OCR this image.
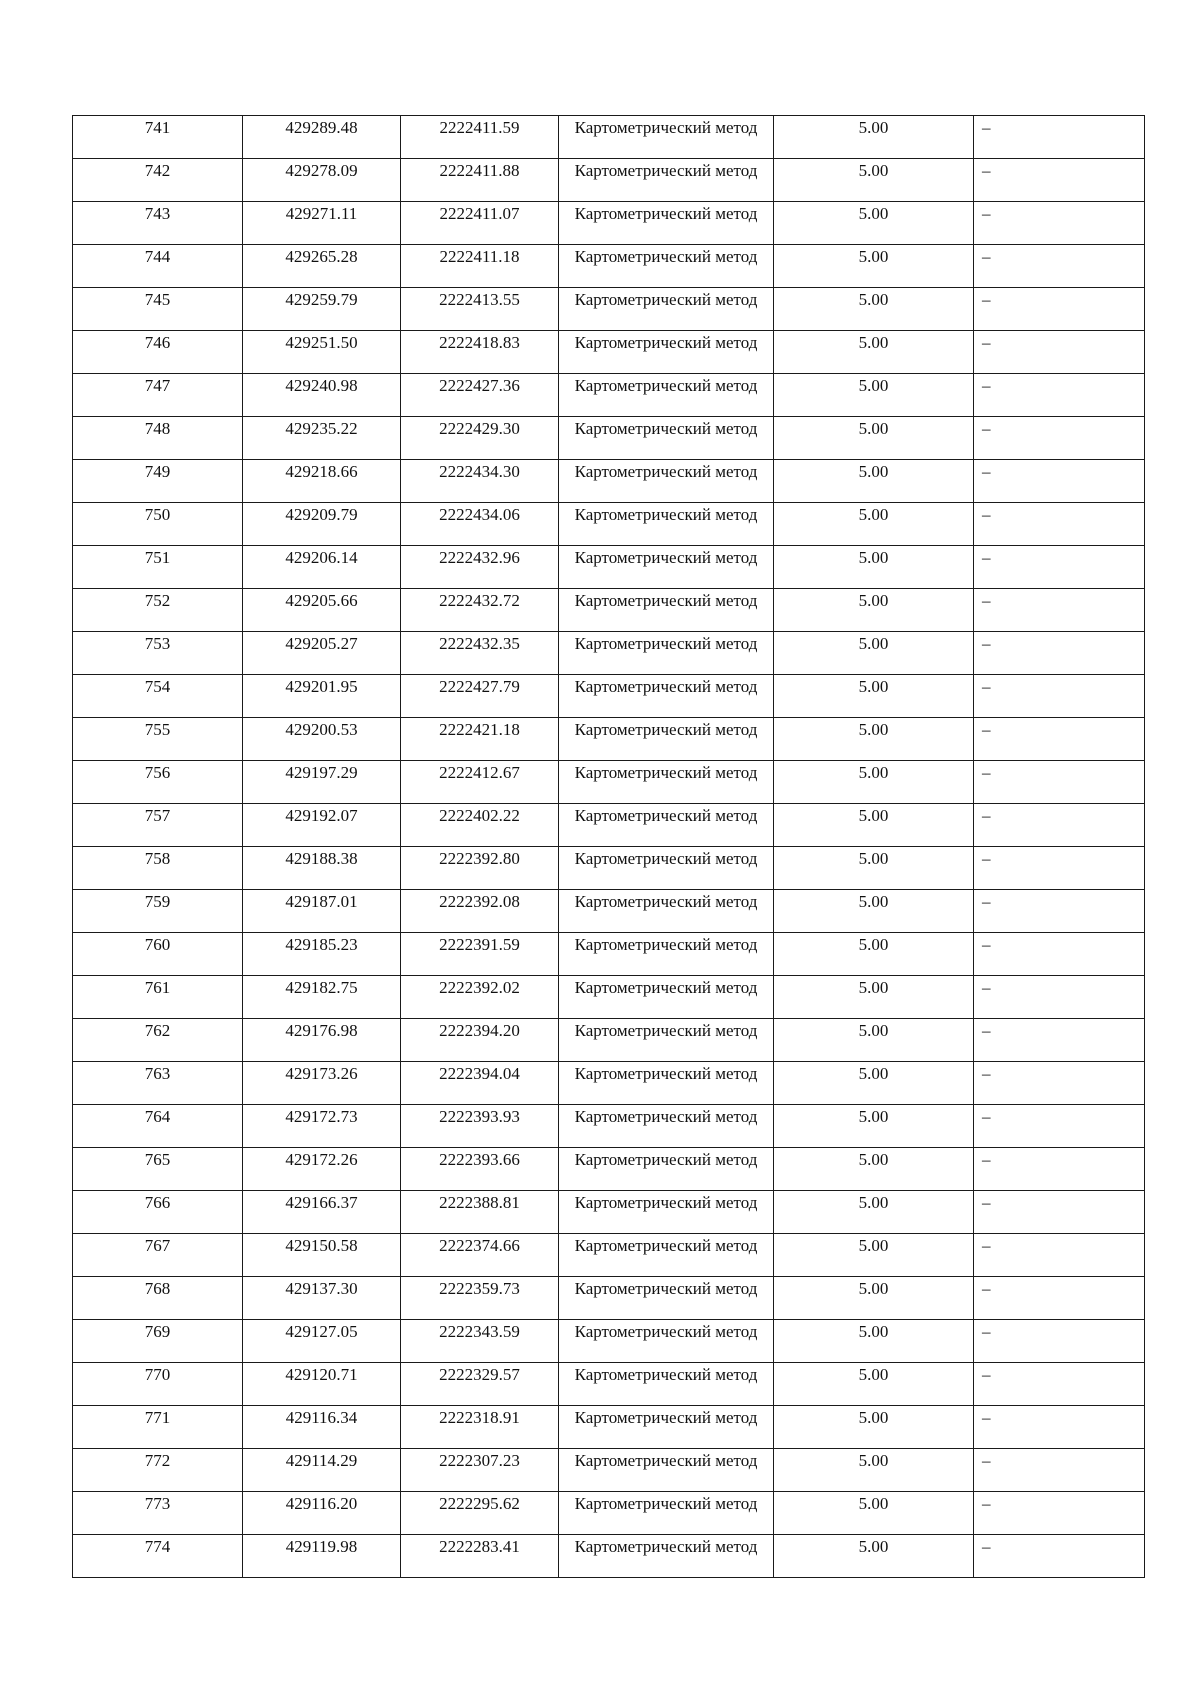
741	429289.48	2222411.59	Картометрический метод	5.00	–

742	429278.09	2222411.88	Картометрический метод	5.00	–

743	429271.11	2222411.07	Картометрический метод	5.00	–

744	429265.28	2222411.18	Картометрический метод	5.00	–

745	429259.79	2222413.55	Картометрический метод	5.00	–

746	429251.50	2222418.83	Картометрический метод	5.00	–

747	429240.98	2222427.36	Картометрический метод	5.00	–

748	429235.22	2222429.30	Картометрический метод	5.00	–

749	429218.66	2222434.30	Картометрический метод	5.00	–

750	429209.79	2222434.06	Картометрический метод	5.00	–

751	429206.14	2222432.96	Картометрический метод	5.00	–

752	429205.66	2222432.72	Картометрический метод	5.00	–

753	429205.27	2222432.35	Картометрический метод	5.00	–

754	429201.95	2222427.79	Картометрический метод	5.00	–

755	429200.53	2222421.18	Картометрический метод	5.00	–

756	429197.29	2222412.67	Картометрический метод	5.00	–

757	429192.07	2222402.22	Картометрический метод	5.00	–

758	429188.38	2222392.80	Картометрический метод	5.00	–

759	429187.01	2222392.08	Картометрический метод	5.00	–

760	429185.23	2222391.59	Картометрический метод	5.00	–

761	429182.75	2222392.02	Картометрический метод	5.00	–

762	429176.98	2222394.20	Картометрический метод	5.00	–

763	429173.26	2222394.04	Картометрический метод	5.00	–

764	429172.73	2222393.93	Картометрический метод	5.00	–

765	429172.26	2222393.66	Картометрический метод	5.00	–

766	429166.37	2222388.81	Картометрический метод	5.00	–

767	429150.58	2222374.66	Картометрический метод	5.00	–

768	429137.30	2222359.73	Картометрический метод	5.00	–

769	429127.05	2222343.59	Картометрический метод	5.00	–

770	429120.71	2222329.57	Картометрический метод	5.00	–

771	429116.34	2222318.91	Картометрический метод	5.00	–

772	429114.29	2222307.23	Картометрический метод	5.00	–

773	429116.20	2222295.62	Картометрический метод	5.00	–

774	429119.98	2222283.41	Картометрический метод	5.00	–
